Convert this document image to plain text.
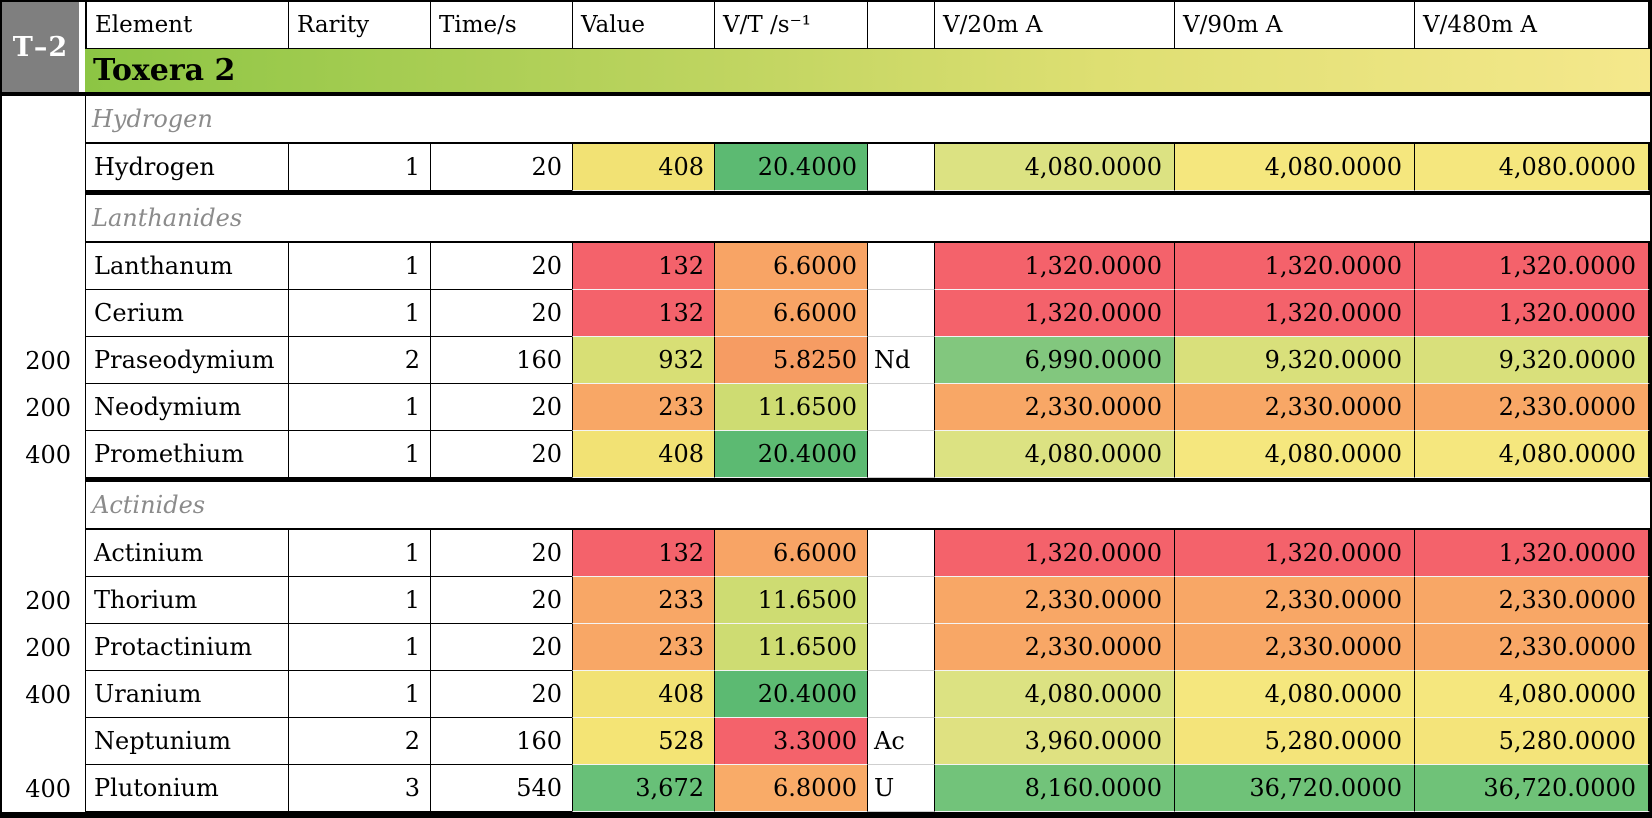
T–2
Element	Rarity	Time/s	Value	V/T /s⁻¹	V/20m A	V/90m A	V/480m A
Toxera 2
Hydrogen
Hydrogen	1	20	408	20.4000	4,080.0000	4,080.0000	4,080.0000
Lanthanides
Lanthanum	1	20	132	6.6000	1,320.0000	1,320.0000	1,320.0000
Cerium	1	20	132	6.6000	1,320.0000	1,320.0000	1,320.0000
200 Praseodymium	2	160	932	5.8250 Nd	6,990.0000	9,320.0000	9,320.0000
200 Neodymium	1	20	233	11.6500	2,330.0000	2,330.0000	2,330.0000
400 Promethium	1	20	408	20.4000	4,080.0000	4,080.0000	4,080.0000
Actinides
Actinium	1	20	132	6.6000	1,320.0000	1,320.0000	1,320.0000
200 Thorium	1	20	233	11.6500	2,330.0000	2,330.0000	2,330.0000
200 Protactinium	1	20	233	11.6500	2,330.0000	2,330.0000	2,330.0000
400 Uranium	1	20	408	20.4000	4,080.0000	4,080.0000	4,080.0000
Neptunium	2	160	528	3.3000 Ac	3,960.0000	5,280.0000	5,280.0000
400 Plutonium	3	540	3,672	6.8000 U	8,160.0000	36,720.0000	36,720.0000
